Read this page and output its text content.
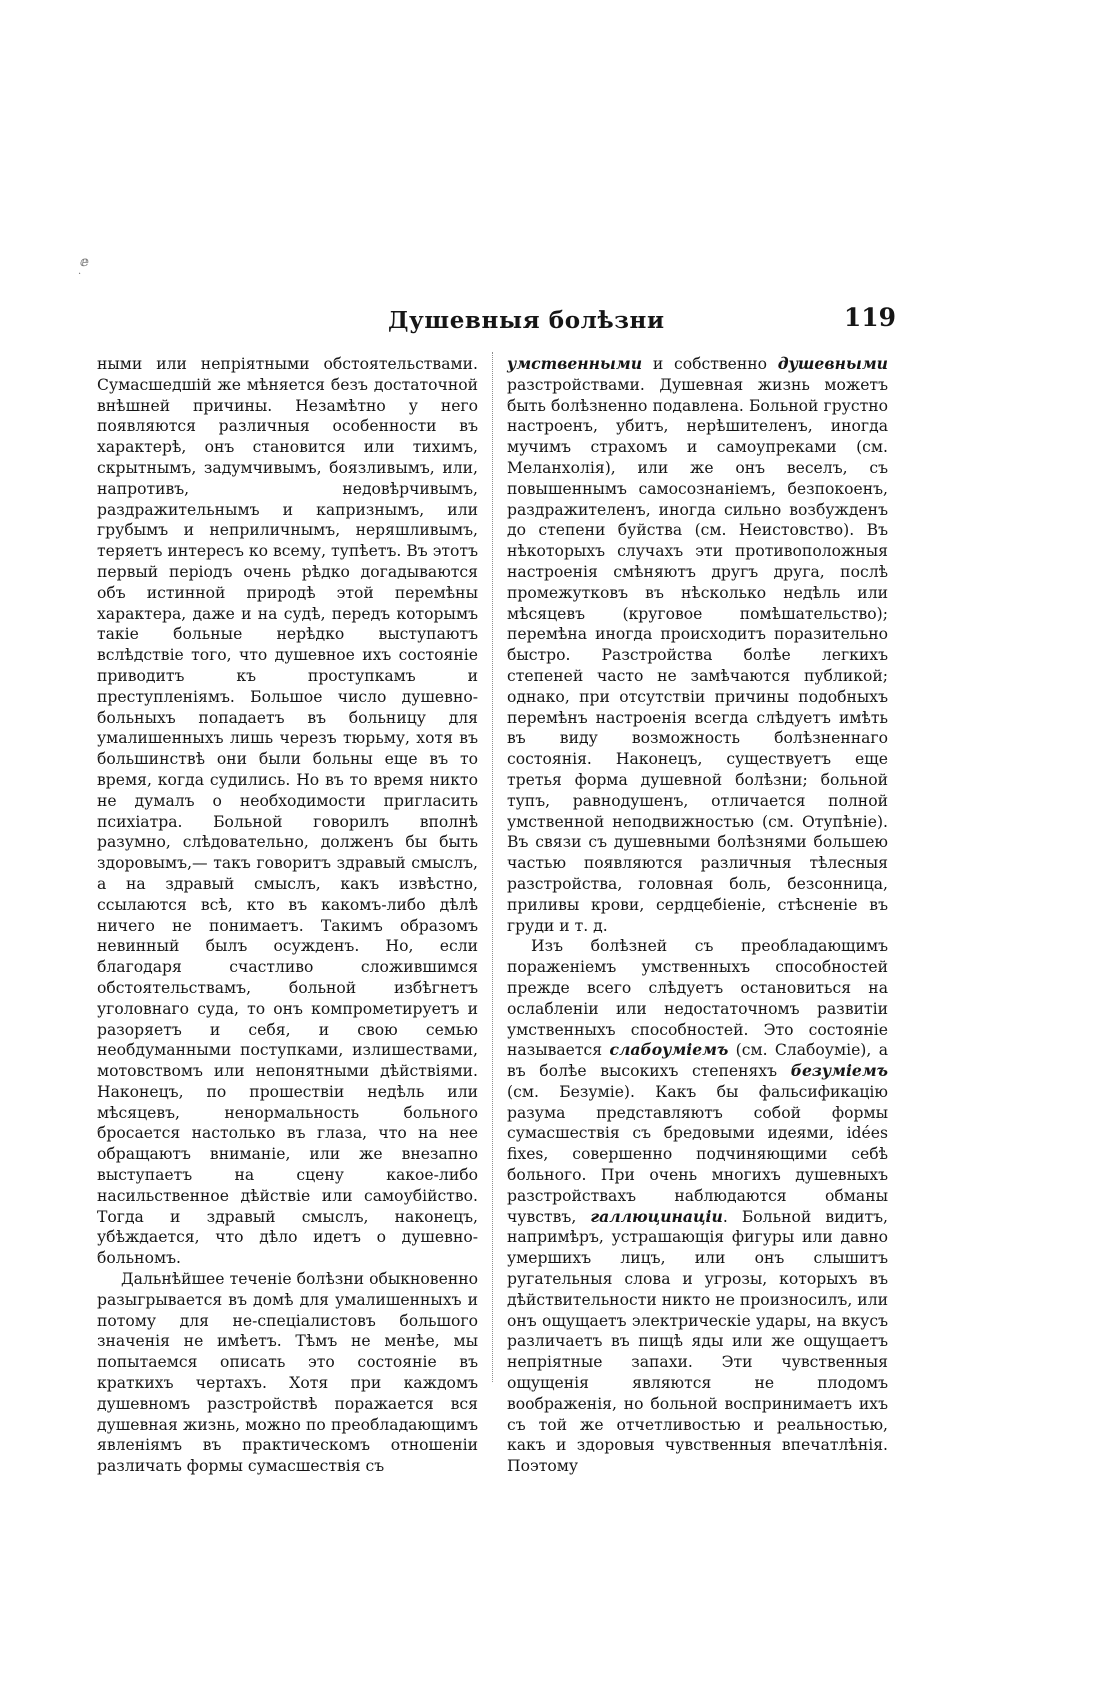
ⅇ
·
Душевныя болѣзни	119

ными или непріятными обстоятельствами. Сумасшедшій же мѣняется безъ достаточной внѣшней причины. Незамѣтно у него появляются различныя особенности въ характерѣ, онъ становится или тихимъ, скрытнымъ, задумчивымъ, боязливымъ, или, напротивъ, недовѣрчивымъ, раздражительнымъ и капризнымъ, или грубымъ и неприличнымъ, неряшливымъ, теряетъ интересъ ко всему, тупѣетъ. Въ этотъ первый періодъ очень рѣдко догадываются объ истинной природѣ этой перемѣны характера, даже и на судѣ, передъ которымъ такіе больные нерѣдко выступаютъ вслѣдствіе того, что душевное ихъ состояніе приводитъ къ проступкамъ и преступленіямъ. Большое число душевно-больныхъ попадаетъ въ больницу для умалишенныхъ лишь черезъ тюрьму, хотя въ большинствѣ они были больны еще въ то время, когда судились. Но въ то время никто не думалъ о необходимости пригласить психіатра. Больной говорилъ вполнѣ разумно, слѣдовательно, долженъ бы быть здоровымъ,— такъ говоритъ здравый смыслъ, а на здравый смыслъ, какъ извѣстно, ссылаются всѣ, кто въ какомъ-либо дѣлѣ ничего не понимаетъ. Такимъ образомъ невинный былъ осужденъ. Но, если благодаря счастливо сложившимся обстоятельствамъ, больной избѣгнетъ уголовнаго суда, то онъ компрометируетъ и разоряетъ и себя, и свою семью необдуманными поступками, излишествами, мотовствомъ или непонятными дѣйствіями. Наконецъ, по прошествіи недѣль или мѣсяцевъ, ненормальность больного бросается настолько въ глаза, что на нее обращаютъ вниманіе, или же внезапно выступаетъ на сцену какое-либо насильственное дѣйствіе или самоубійство. Тогда и здравый смыслъ, наконецъ, убѣждается, что дѣло идетъ о душевно-больномъ.

Дальнѣйшее теченіе болѣзни обыкновенно разыгрывается въ домѣ для умалишенныхъ и потому для не-спеціалистовъ большого значенія не имѣетъ. Тѣмъ не менѣе, мы попытаемся описать это состояніе въ краткихъ чертахъ. Хотя при каждомъ душевномъ разстройствѣ поражается вся душевная жизнь, можно по преобладающимъ явленіямъ въ практическомъ отношеніи различать формы сумасшествія съ

умственными и собственно душевными разстройствами. Душевная жизнь можетъ быть болѣзненно подавлена. Больной грустно настроенъ, убитъ, нерѣшителенъ, иногда мучимъ страхомъ и самоупреками (см. Меланхолія), или же онъ веселъ, съ повышеннымъ самосознаніемъ, безпокоенъ, раздражителенъ, иногда сильно возбужденъ до степени буйства (см. Неистовство). Въ нѣкоторыхъ случахъ эти противоположныя настроенія смѣняютъ другъ друга, послѣ промежутковъ въ нѣсколько недѣль или мѣсяцевъ (круговое помѣшательство); перемѣна иногда происходитъ поразительно быстро. Разстройства болѣе легкихъ степеней часто не замѣчаются публикой; однако, при отсутствіи причины подобныхъ перемѣнъ настроенія всегда слѣдуетъ имѣть въ виду возможность болѣзненнаго состоянія. Наконецъ, существуетъ еще третья форма душевной болѣзни; больной тупъ, равнодушенъ, отличается полной умственной неподвижностью (см. Отупѣніе). Въ связи съ душевными болѣзнями большею частью появляются различныя тѣлесныя разстройства, головная боль, безсонница, приливы крови, сердцебіеніе, стѣсненіе въ груди и т. д.

Изъ болѣзней съ преобладающимъ пораженіемъ умственныхъ способностей прежде всего слѣдуетъ остановиться на ослабленіи или недостаточномъ развитіи умственныхъ способностей. Это состояніе называется слабоуміемъ (см. Слабоуміе), а въ болѣе высокихъ степеняхъ безуміемъ (см. Безуміе). Какъ бы фальсификацію разума представляютъ собой формы сумасшествія съ бредовыми идеями, idées fixes, совершенно подчиняющими себѣ больного. При очень многихъ душевныхъ разстройствахъ наблюдаются обманы чувствъ, галлюцинаціи. Больной видитъ, напримѣръ, устрашающія фигуры или давно умершихъ лицъ, или онъ слышитъ ругательныя слова и угрозы, которыхъ въ дѣйствительности никто не произносилъ, или онъ ощущаетъ электрическіе удары, на вкусъ различаетъ въ пищѣ яды или же ощущаетъ непріятные запахи. Эти чувственныя ощущенія являются не плодомъ воображенія, но больной воспринимаетъ ихъ съ той же отчетливостью и реальностью, какъ и здоровыя чувственныя впечатлѣнія. Поэтому
